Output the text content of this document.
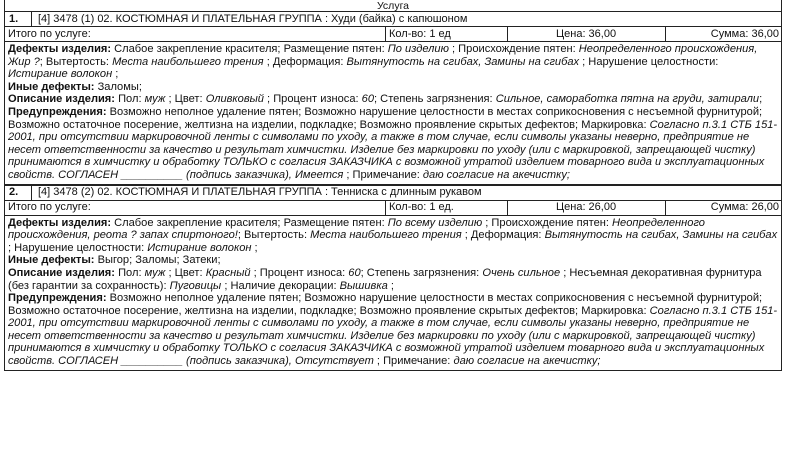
Услуга
1.	[4] 3478 (1) 02. КОСТЮМНАЯ И ПЛАТЕЛЬНАЯ ГРУППА : Худи (байка) с капюшоном
Итого по услуге:	Кол-во: 1 ед	Цена: 36,00	Сумма: 36,00

Дефекты изделия: Слабое закрепление красителя; Размещение пятен: По изделию ; Происхождение пятен: Неопределенного происхождения, Жир ?; Вытертость: Места наибольшего трения ; Деформация: Вытянутость на сгибах, Замины на сгибах ; Нарушение целостности: Истирание волокон ;

Иные дефекты: Заломы;

Описание изделия: Пол: муж ; Цвет: Оливковый ; Процент износа: 60; Степень загрязнения: Сильное, самоработка пятна на груди, затирали;

Предупреждения: Возможно неполное удаление пятен; Возможно нарушение целостности в местах соприкосновения с несъемной фурнитурой; Возможно остаточное посерение, желтизна на изделии, подкладке; Возможно проявление скрытых дефектов; Маркировка: Согласно п.3.1 СТБ 151-2001, при отсутствии маркировочной ленты с символами по уходу, а также в том случае, если символы указаны неверно, предприятие не несет ответственности за качество и результат химчистки. Изделие без маркировки по уходу (или с маркировкой, запрещающей чистку) принимаются в химчистку и обработку ТОЛЬКО с согласия ЗАКАЗЧИКА с возможной утратой изделием товарного вида и эксплуатационных свойств. СОГЛАСЕН __________ (подпись заказчика), Имеется ; Примечание: даю согласие на акечистку;

2.	[4] 3478 (2) 02. КОСТЮМНАЯ И ПЛАТЕЛЬНАЯ ГРУППА : Тенниска с длинным рукавом
Итого по услуге:	Кол-во: 1 ед.	Цена: 26,00	Сумма: 26,00

Дефекты изделия: Слабое закрепление красителя; Размещение пятен: По всему изделию ; Происхождение пятен: Неопределенного происхождения, реота ? запах спиртоного!; Вытертость: Места наибольшего трения ; Деформация: Вытянутость на сгибах, Замины на сгибах ; Нарушение целостности: Истирание волокон ;

Иные дефекты: Выгор; Заломы; Затеки;

Описание изделия: Пол: муж ; Цвет: Красный ; Процент износа: 60; Степень загрязнения: Очень сильное ; Несъемная декоративная фурнитура (без гарантии за сохранность): Пуговицы ; Наличие декорации: Вышивка ;

Предупреждения: Возможно неполное удаление пятен; Возможно нарушение целостности в местах соприкосновения с несъемной фурнитурой; Возможно остаточное посерение, желтизна на изделии, подкладке; Возможно проявление скрытых дефектов; Маркировка: Согласно п.3.1 СТБ 151-2001, при отсутствии маркировочной ленты с символами по уходу, а также в том случае, если символы указаны неверно, предприятие не несет ответственности за качество и результат химчистки. Изделие без маркировки по уходу (или с маркировкой, запрещающей чистку) принимаются в химчистку и обработку ТОЛЬКО с согласия ЗАКАЗЧИКА с возможной утратой изделием товарного вида и эксплуатационных свойств. СОГЛАСЕН __________ (подпись заказчика), Отсутствует ; Примечание: даю согласие на акечистку;
